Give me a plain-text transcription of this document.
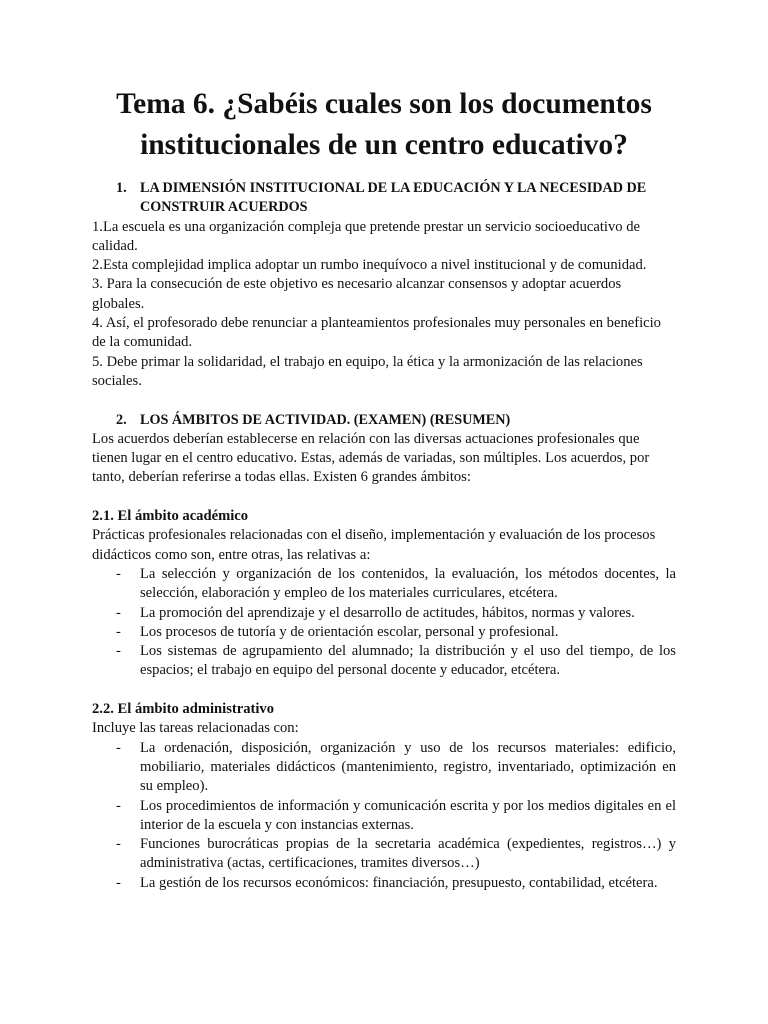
Tema 6. ¿Sabéis cuales son los documentos institucionales de un centro educativo?
1. LA DIMENSIÓN INSTITUCIONAL DE LA EDUCACIÓN Y LA NECESIDAD DE CONSTRUIR ACUERDOS

1.La escuela es una organización compleja que pretende prestar un servicio socioeducativo de calidad.

2.Esta complejidad implica adoptar un rumbo inequívoco a nivel institucional y de comunidad.

3. Para la consecución de este objetivo es necesario alcanzar consensos y adoptar acuerdos globales.

4. Así, el profesorado debe renunciar a planteamientos profesionales muy personales en beneficio de la comunidad.

5. Debe primar la solidaridad, el trabajo en equipo, la ética y la armonización de las relaciones sociales.

2. LOS ÁMBITOS DE ACTIVIDAD. (EXAMEN) (RESUMEN)

Los acuerdos deberían establecerse en relación con las diversas actuaciones profesionales que tienen lugar en el centro educativo. Estas, además de variadas, son múltiples. Los acuerdos, por tanto, deberían referirse a todas ellas. Existen 6 grandes ámbitos:

2.1. El ámbito académico

Prácticas profesionales relacionadas con el diseño, implementación y evaluación de los procesos didácticos como son, entre otras, las relativas a:

- La selección y organización de los contenidos, la evaluación, los métodos docentes, la selección, elaboración y empleo de los materiales curriculares, etcétera.
- La promoción del aprendizaje y el desarrollo de actitudes, hábitos, normas y valores.
- Los procesos de tutoría y de orientación escolar, personal y profesional.
- Los sistemas de agrupamiento del alumnado; la distribución y el uso del tiempo, de los espacios; el trabajo en equipo del personal docente y educador, etcétera.

2.2. El ámbito administrativo

Incluye las tareas relacionadas con:

- La ordenación, disposición, organización y uso de los recursos materiales: edificio, mobiliario, materiales didácticos (mantenimiento, registro, inventariado, optimización en su empleo).
- Los procedimientos de información y comunicación escrita y por los medios digitales en el interior de la escuela y con instancias externas.
- Funciones burocráticas propias de la secretaria académica (expedientes, registros…) y administrativa (actas, certificaciones, tramites diversos…)
- La gestión de los recursos económicos: financiación, presupuesto, contabilidad, etcétera.
